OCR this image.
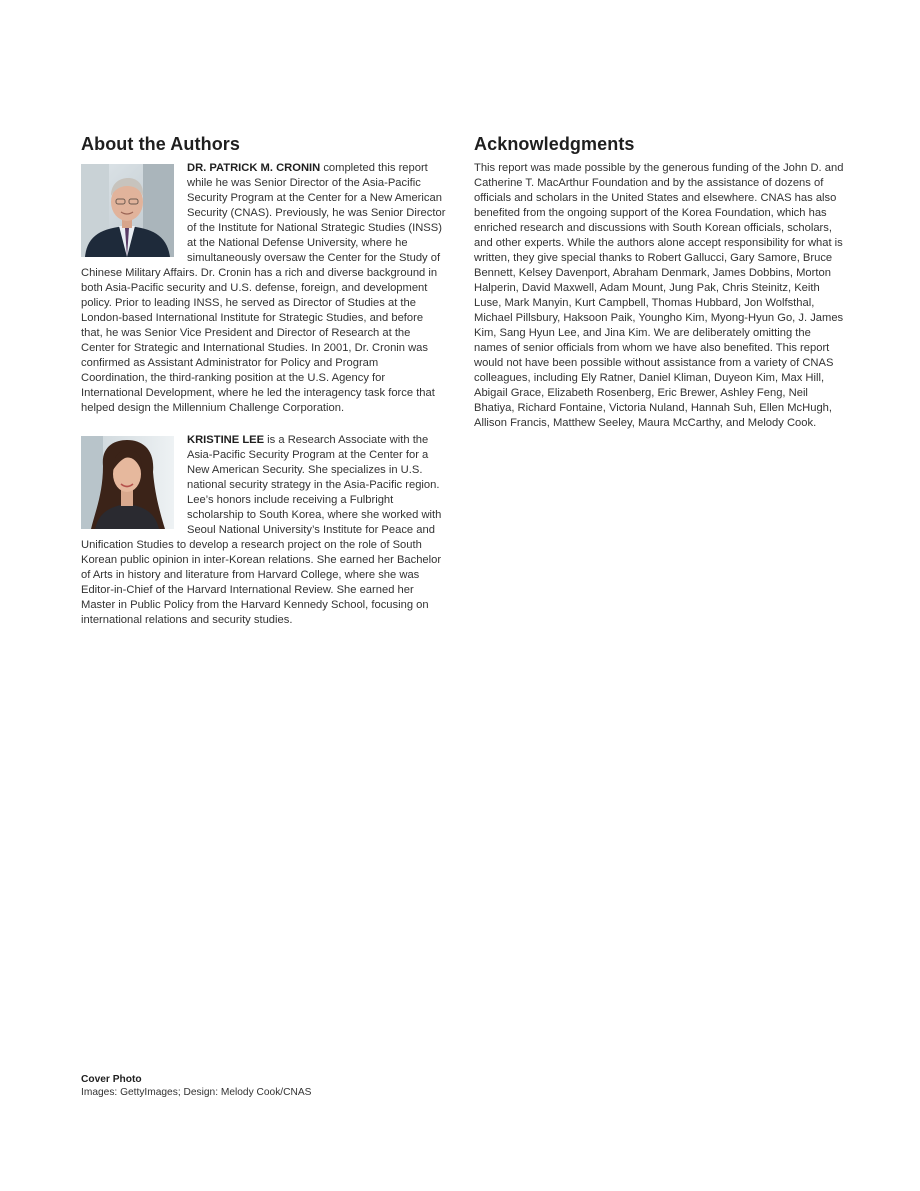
About the Authors

DR. PATRICK M. CRONIN completed this report while he was Senior Director of the Asia-Pacific Security Program at the Center for a New American Security (CNAS). Previously, he was Senior Director of the Institute for National Strategic Studies (INSS) at the National Defense University, where he simultaneously oversaw the Center for the Study of Chinese Military Affairs. Dr. Cronin has a rich and diverse background in both Asia-Pacific security and U.S. defense, foreign, and development policy. Prior to leading INSS, he served as Director of Studies at the London-based International Institute for Strategic Studies, and before that, he was Senior Vice President and Director of Research at the Center for Strategic and International Studies. In 2001, Dr. Cronin was confirmed as Assistant Administrator for Policy and Program Coordination, the third-ranking position at the U.S. Agency for International Development, where he led the interagency task force that helped design the Millennium Challenge Corporation.

KRISTINE LEE is a Research Associate with the Asia-Pacific Security Program at the Center for a New American Security. She specializes in U.S. national security strategy in the Asia-Pacific region. Lee’s honors include receiving a Fulbright scholarship to South Korea, where she worked with Seoul National University’s Institute for Peace and Unification Studies to develop a research project on the role of South Korean public opinion in inter-Korean relations. She earned her Bachelor of Arts in history and literature from Harvard College, where she was Editor-in-Chief of the Harvard International Review. She earned her Master in Public Policy from the Harvard Kennedy School, focusing on international relations and security studies.

Acknowledgments

This report was made possible by the generous funding of the John D. and Catherine T. MacArthur Foundation and by the assistance of dozens of officials and scholars in the United States and elsewhere. CNAS has also benefited from the ongoing support of the Korea Foundation, which has enriched research and discussions with South Korean officials, scholars, and other experts. While the authors alone accept responsibility for what is written, they give special thanks to Robert Gallucci, Gary Samore, Bruce Bennett, Kelsey Davenport, Abraham Denmark, James Dobbins, Morton Halperin, David Maxwell, Adam Mount, Jung Pak, Chris Steinitz, Keith Luse, Mark Manyin, Kurt Campbell, Thomas Hubbard, Jon Wolfsthal, Michael Pillsbury, Haksoon Paik, Youngho Kim, Myong-Hyun Go, J. James Kim, Sang Hyun Lee, and Jina Kim. We are deliberately omitting the names of senior officials from whom we have also benefited. This report would not have been possible without assistance from a variety of CNAS colleagues, including Ely Ratner, Daniel Kliman, Duyeon Kim, Max Hill, Abigail Grace, Elizabeth Rosenberg, Eric Brewer, Ashley Feng, Neil Bhatiya, Richard Fontaine, Victoria Nuland, Hannah Suh, Ellen McHugh, Allison Francis, Matthew Seeley, Maura McCarthy, and Melody Cook.

Cover Photo
Images: GettyImages; Design: Melody Cook/CNAS
